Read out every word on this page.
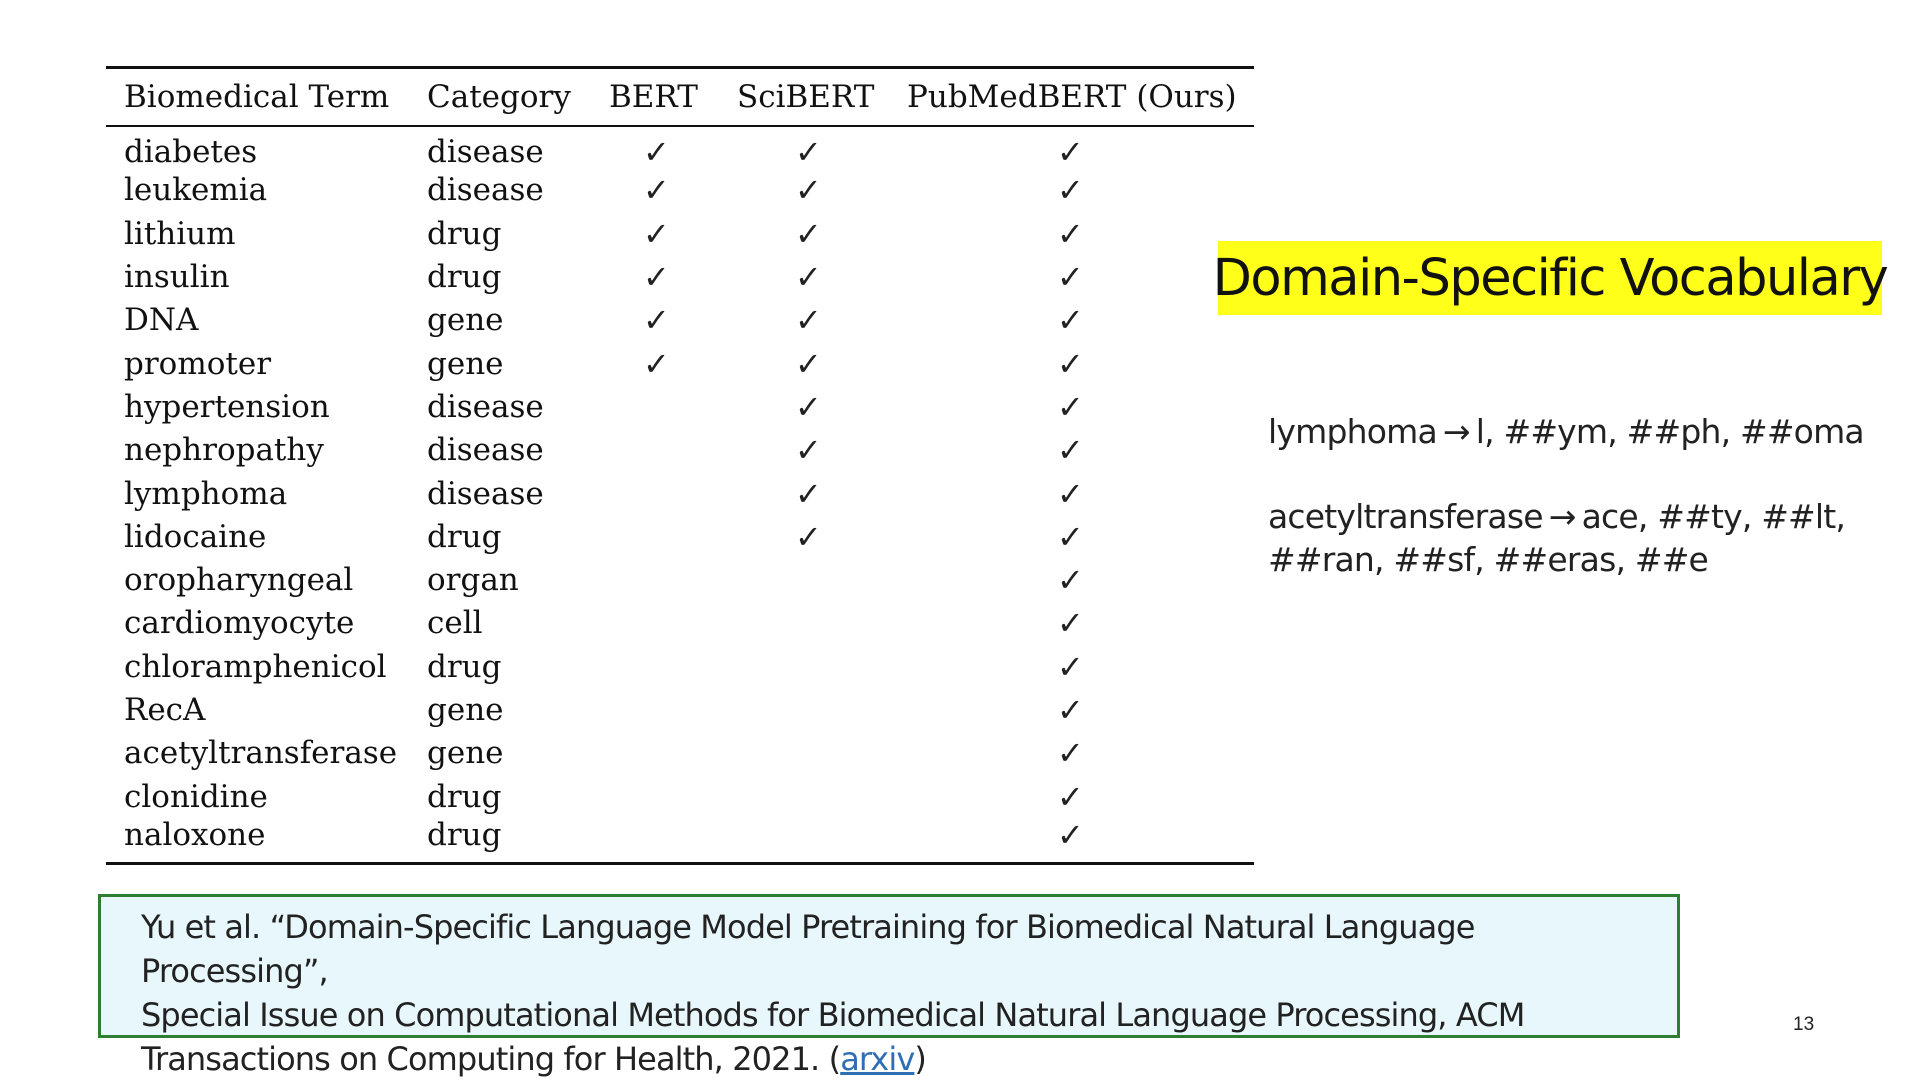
Biomedical Term	Category	BERT	SciBERT	PubMedBERT (Ours)
diabetes	disease	✓	✓	✓
leukemia	disease	✓	✓	✓
lithium	drug	✓	✓	✓
insulin	drug	✓	✓	✓
DNA	gene	✓	✓	✓
promoter	gene	✓	✓	✓
hypertension	disease		✓	✓
nephropathy	disease		✓	✓
lymphoma	disease		✓	✓
lidocaine	drug		✓	✓
oropharyngeal	organ			✓
cardiomyocyte	cell			✓
chloramphenicol	drug			✓
RecA	gene			✓
acetyltransferase	gene			✓
clonidine	drug			✓
naloxone	drug			✓
Domain-Specific Vocabulary
lymphoma → l, ##ym, ##ph, ##oma
acetyltransferase → ace, ##ty, ##lt,
##ran, ##sf, ##eras, ##e
Yu et al. “Domain-Specific Language Model Pretraining for Biomedical Natural Language Processing”,
Special Issue on Computational Methods for Biomedical Natural Language Processing, ACM
Transactions on Computing for Health, 2021. (arxiv)
13
